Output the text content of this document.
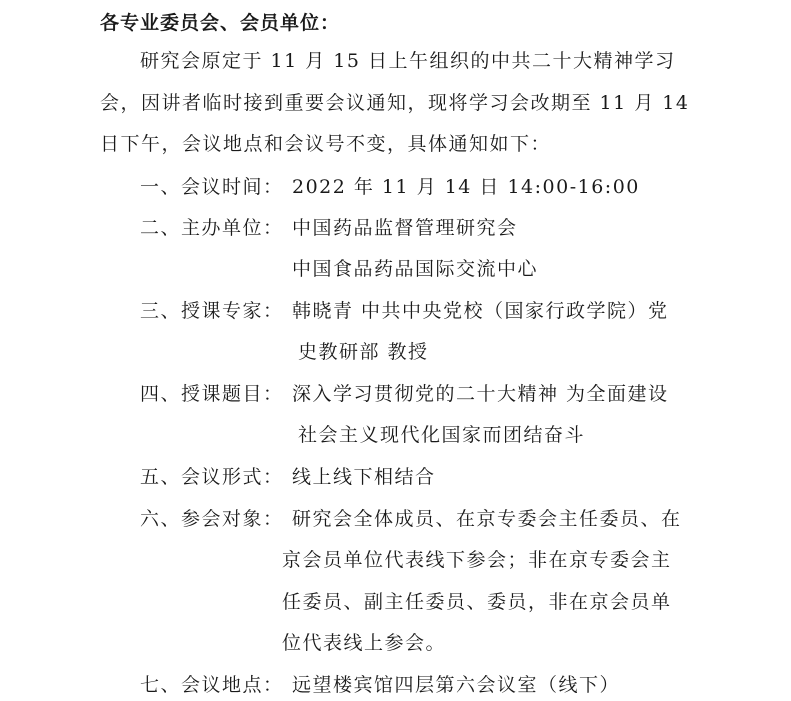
各专业委员会、会员单位：
研究会原定于 11 月 15 日上午组织的中共二十大精神学习
会，因讲者临时接到重要会议通知，现将学习会改期至 11 月 14
日下午，会议地点和会议号不变，具体通知如下：
一、会议时间： 2022 年 11 月 14 日 14:00-16:00
二、主办单位： 中国药品监督管理研究会
中国食品药品国际交流中心
三、授课专家： 韩晓青 中共中央党校（国家行政学院）党
史教研部 教授
四、授课题目： 深入学习贯彻党的二十大精神 为全面建设
社会主义现代化国家而团结奋斗
五、会议形式： 线上线下相结合
六、参会对象： 研究会全体成员、在京专委会主任委员、在
京会员单位代表线下参会；非在京专委会主
任委员、副主任委员、委员，非在京会员单
位代表线上参会。
七、会议地点： 远望楼宾馆四层第六会议室（线下）
